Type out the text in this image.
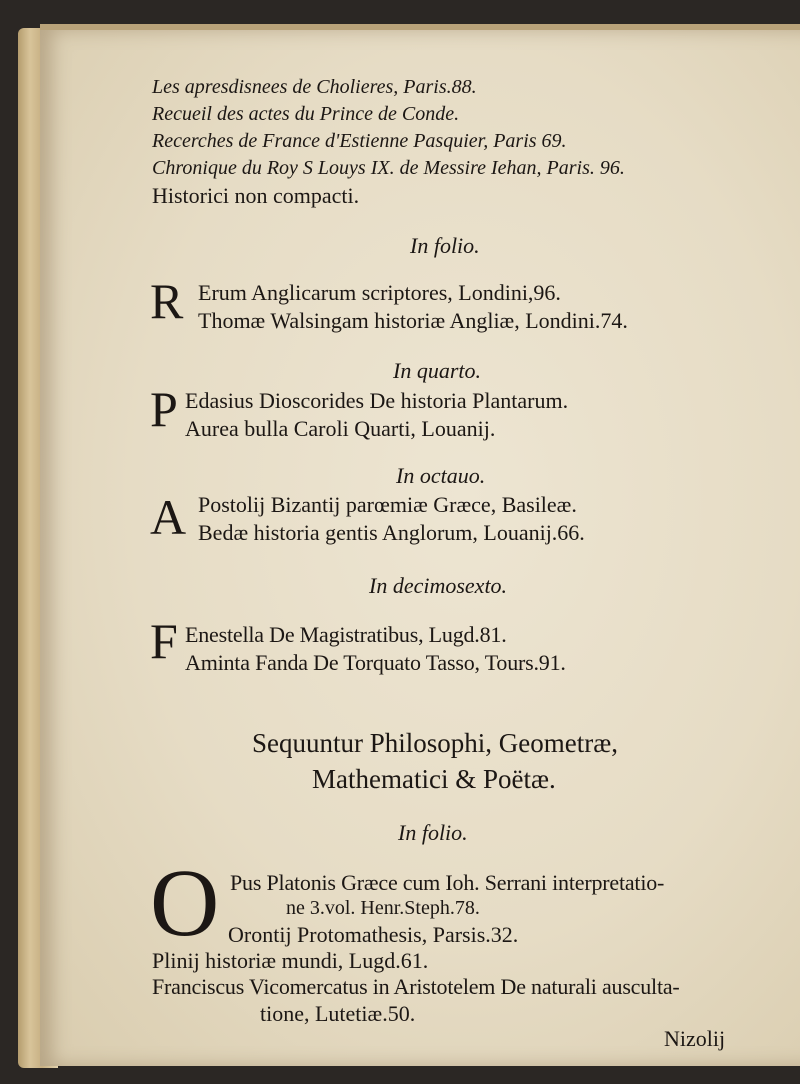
Les apresdisnees de Cholieres, Paris.88.
Recueil des actes du Prince de Conde.
Recerches de France d'Estienne Pasquier, Paris 69.
Chronique du Roy S Louys IX. de Messire Iehan, Paris. 96.
Historici non compacti.
In folio.
R Erum Anglicarum scriptores, Londini,96.
Thomæ Walsingam historiæ Angliæ, Londini.74.
In quarto.
P Edasius Dioscorides De historia Plantarum.
Aurea bulla Caroli Quarti, Louanij.
In octauo.
A Postolij Bizantij parœmiæ Græce, Basileæ.
Bedæ historia gentis Anglorum, Louanij.66.
In decimosexto.
F Enestella De Magistratibus, Lugd.81.
Aminta Fanda De Torquato Tasso, Tours.91.
Sequuntur Philosophi, Geometræ,
Mathematici & Poëtæ.
In folio.
O Pus Platonis Græce cum Ioh. Serrani interpretatio-
ne 3.vol. Henr.Steph.78.
Orontij Protomathesis, Parsis.32.
Plinij historiæ mundi, Lugd.61.
Franciscus Vicomercatus in Aristotelem De naturali ausculta-
tione, Lutetiæ.50.
Nizolij
